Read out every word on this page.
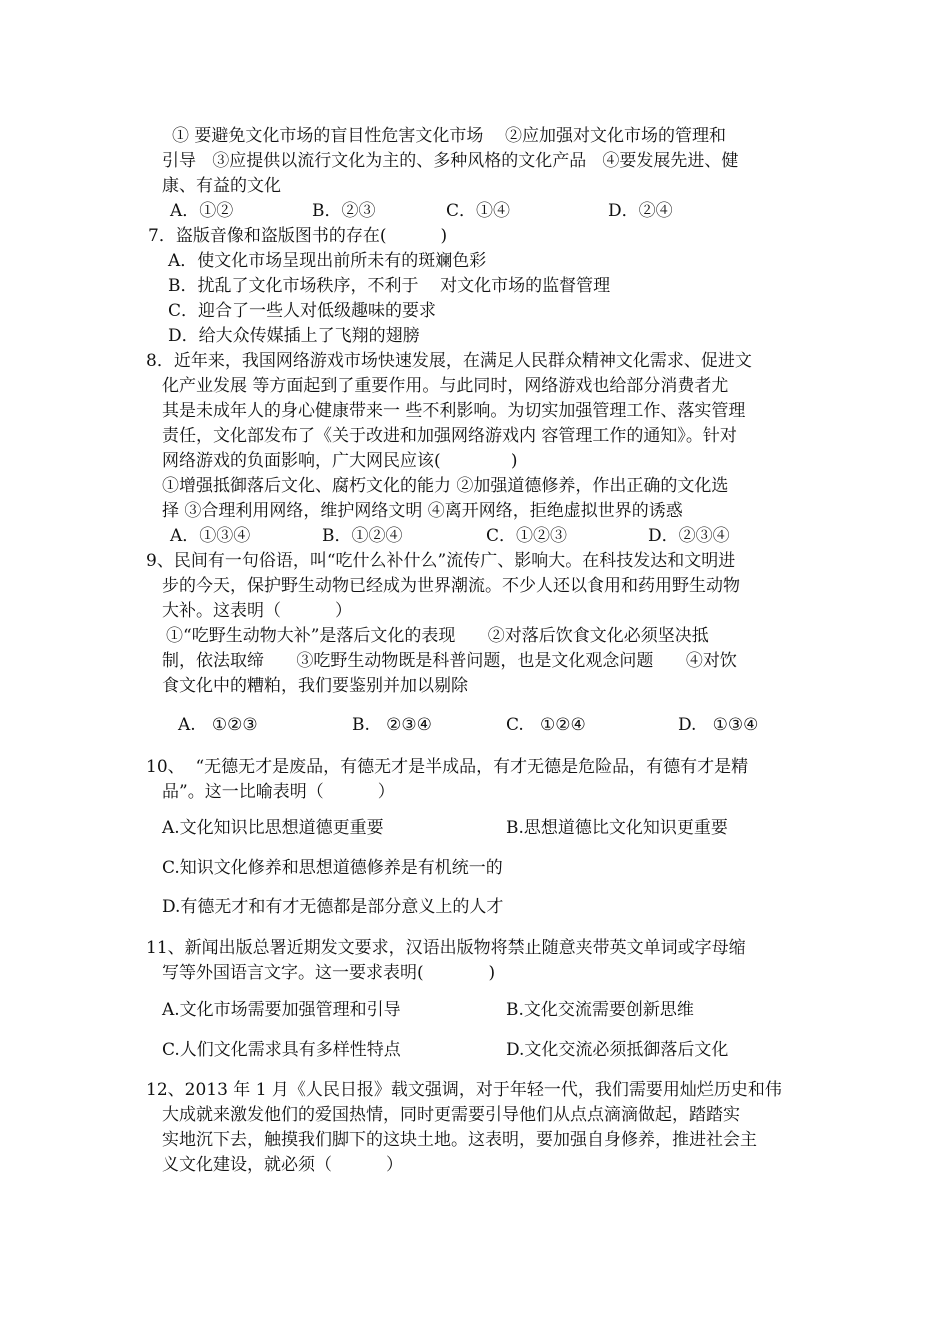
① 要避免文化市场的盲目性危害文化市场    ②应加强对文化市场的管理和
引导   ③应提供以流行文化为主的、多种风格的文化产品   ④要发展先进、健
康、有益的文化
A．①②	B．②③	C．①④	D．②④
7．盗版音像和盗版图书的存在(          )
A．使文化市场呈现出前所未有的斑斓色彩
B．扰乱了文化市场秩序，不利于    对文化市场的监督管理
C．迎合了一些人对低级趣味的要求
D．给大众传媒插上了飞翔的翅膀
8．近年来，我国网络游戏市场快速发展，在满足人民群众精神文化需求、促进文
化产业发展 等方面起到了重要作用。与此同时，网络游戏也给部分消费者尤
其是未成年人的身心健康带来一 些不利影响。为切实加强管理工作、落实管理
责任，文化部发布了《关于改进和加强网络游戏内 容管理工作的通知》。针对
网络游戏的负面影响，广大网民应该(             )
①增强抵御落后文化、腐朽文化的能力 ②加强道德修养，作出正确的文化选
择 ③合理利用网络，维护网络文明 ④离开网络，拒绝虚拟世界的诱惑
A．①③④	B．①②④	C．①②③	D．②③④
9、民间有一句俗语，叫“吃什么补什么”流传广、影响大。在科技发达和文明进
步的今天，保护野生动物已经成为世界潮流。不少人还以食用和药用野生动物
大补。这表明（          ）
①“吃野生动物大补”是落后文化的表现      ②对落后饮食文化必须坚决抵
制，依法取缔      ③吃野生动物既是科普问题，也是文化观念问题      ④对饮
食文化中的糟粕，我们要鉴别并加以剔除
A.   ①②③	B.   ②③④	C.   ①②④	D.   ①③④
10、  “无德无才是废品，有德无才是半成品，有才无德是危险品，有德有才是精
品”。这一比喻表明（          ）
A.文化知识比思想道德更重要	B.思想道德比文化知识更重要
C.知识文化修养和思想道德修养是有机统一的
D.有德无才和有才无德都是部分意义上的人才
11、新闻出版总署近期发文要求，汉语出版物将禁止随意夹带英文单词或字母缩
写等外国语言文字。这一要求表明(            )
A.文化市场需要加强管理和引导	B.文化交流需要创新思维
C.人们文化需求具有多样性特点	D.文化交流必须抵御落后文化
12、2013 年 1 月《人民日报》载文强调，对于年轻一代，我们需要用灿烂历史和伟
大成就来激发他们的爱国热情，同时更需要引导他们从点点滴滴做起，踏踏实
实地沉下去，触摸我们脚下的这块土地。这表明，要加强自身修养，推进社会主
义文化建设，就必须（          ）
